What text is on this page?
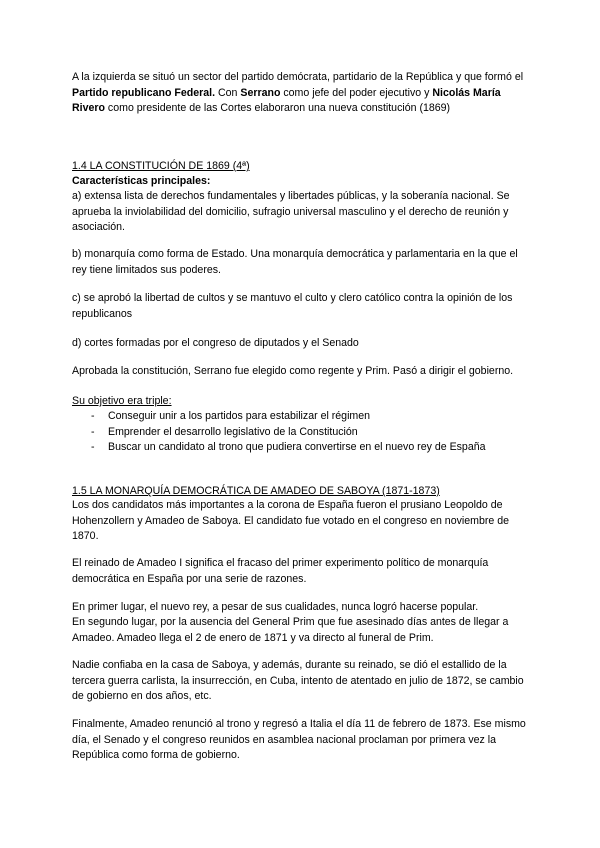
A la izquierda se situó un sector del partido demócrata, partidario de la República y que formó el Partido republicano Federal. Con Serrano como jefe del poder ejecutivo y Nicolás María Rivero como presidente de las Cortes elaboraron una nueva constitución (1869)

1.4 LA CONSTITUCIÓN DE 1869 (4ª)

Características principales:

a) extensa lista de derechos fundamentales y libertades públicas, y la soberanía nacional. Se aprueba la inviolabilidad del domicilio, sufragio universal masculino y el derecho de reunión y asociación.

b) monarquía como forma de Estado. Una monarquía democrática y parlamentaria en la que el rey tiene limitados sus poderes.

c) se aprobó la libertad de cultos y se mantuvo el culto y clero católico contra la opinión de los republicanos

d) cortes formadas por el congreso de diputados y el Senado

Aprobada la constitución, Serrano fue elegido como regente y Prim. Pasó a dirigir el gobierno.

Su objetivo era triple:

- Conseguir unir a los partidos para estabilizar el régimen
- Emprender el desarrollo legislativo de la Constitución
- Buscar un candidato al trono que pudiera convertirse en el nuevo rey de España

1.5 LA MONARQUÍA DEMOCRÁTICA DE AMADEO DE SABOYA (1871-1873)

Los dos candidatos más importantes a la corona de España fueron el prusiano Leopoldo de Hohenzollern y Amadeo de Saboya. El candidato fue votado en el congreso en noviembre de 1870.

El reinado de Amadeo I significa el fracaso del primer experimento político de monarquía democrática en España por una serie de razones.

En primer lugar, el nuevo rey, a pesar de sus cualidades, nunca logró hacerse popular.

En segundo lugar, por la ausencia del General Prim que fue asesinado días antes de llegar a Amadeo. Amadeo llega el 2 de enero de 1871 y va directo al funeral de Prim.

Nadie confiaba en la casa de Saboya, y además, durante su reinado, se dió el estallido de la tercera guerra carlista, la insurrección, en Cuba, intento de atentado en julio de 1872, se cambio de gobierno en dos años, etc.

Finalmente, Amadeo renunció al trono y regresó a Italia el día 11 de febrero de 1873. Ese mismo día, el Senado y el congreso reunidos en asamblea nacional proclaman por primera vez la República como forma de gobierno.
